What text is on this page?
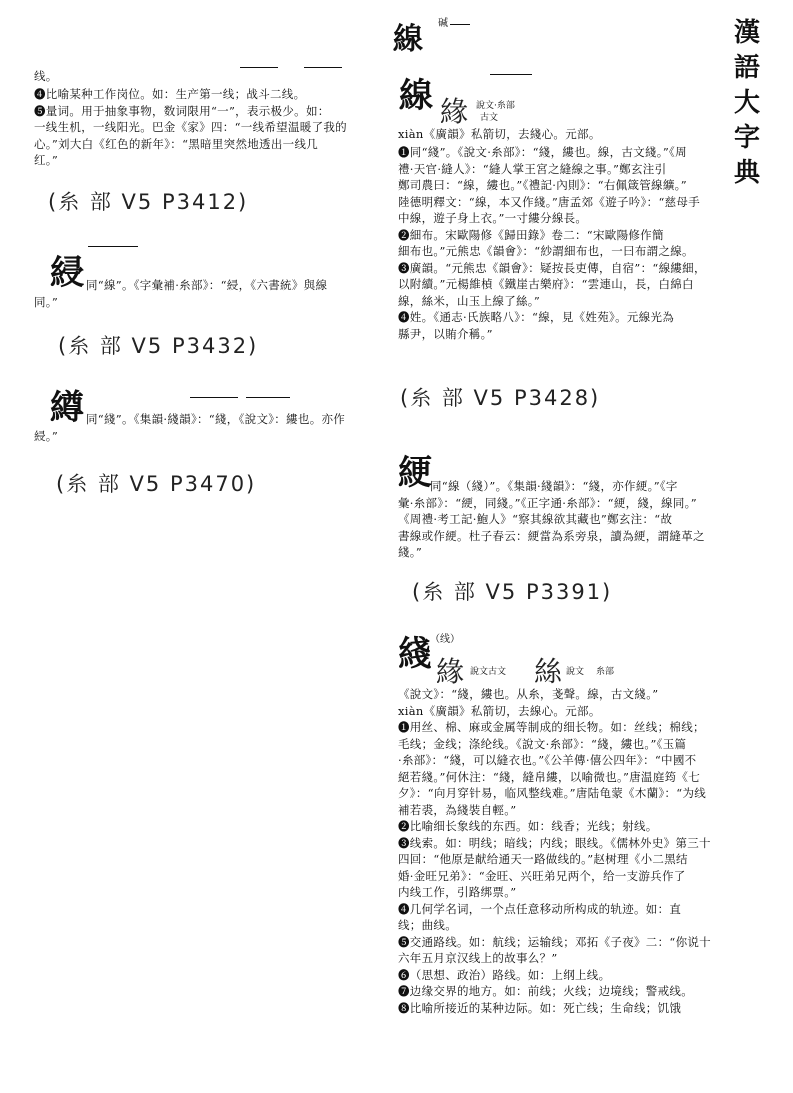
漢
語
大
字
典
線 碱
线。

❹比喻某种工作岗位。如：生产第一线；战斗二线。

❺量词。用于抽象事物，数词限用“一”，表示极少。如：

一线生机，一线阳光。巴金《家》四：“一线希望温暖了我的

心。”刘大白《红色的新年》：“黑暗里突然地透出一线几

红。”

(糸 部 V5 P3412)
綅 同“線”。《字彙補·糸部》：“綅，《六書統》與線

同。”

(糸 部 V5 P3432)
繜 同“綫”。《集韻·綫韻》：“綫，《說文》：縷也。亦作

綅。”

(糸 部 V5 P3470)
線 緣 說文·糸部
古文
xiàn《廣韻》私箭切，去綫心。元部。

❶同“綫”。《說文·糸部》：“綫，縷也。線，古文綫。”《周

禮·天官·縫人》：“縫人掌王宮之縫線之事。”鄭玄注引

鄭司農曰：“線，縷也。”《禮記·內則》：“右佩箴管線纊。”

陸德明釋文：“線，本又作綫。”唐孟郊《遊子吟》：“慈母手

中線，遊子身上衣。”一寸縷分線長。

❷細布。宋歐陽修《歸田錄》卷二：“宋歐陽修作簡

細布也。”元熊忠《韻會》：“紗謂細布也，一曰布謂之線。

❸廣韻。“元熊忠《韻會》：疑按長吏傳，自宿”：“線縷細，

以附續。”元楊維楨《鐵崖古樂府》：“雲連山，長，白綿白

線，絲米，山玉上線了絲。”

❹姓。《通志·氏族略八》：“線，見《姓苑》。元線光為

縣尹，以賄介稱。”

(糸 部 V5 P3428)
綆

同“線（綫）”。《集韻·綫韻》：“綫，亦作綆。”《字

彙·糸部》：“綆，同綫。”《正字通·糸部》：“綆，綫，線同。”

《周禮·考工記·鮑人》“察其線欲其藏也”鄭玄注：“故

書線或作綆。杜子春云：綆當為系旁泉，讀為綆，謂縫革之

綫。”

(糸 部 V5 P3391)
綫
（线）
緣 說文古文 絲 說文 糸部

《說文》：“綫，縷也。从糸，戔聲。線，古文綫。”

xiàn《廣韻》私箭切，去線心。元部。

❶用丝、棉、麻或金属等制成的细长物。如：丝线；棉线；

毛线；金线；涤纶线。《說文·糸部》：“綫，縷也。”《玉篇

·糸部》：“綫，可以縫衣也。”《公羊傳·僖公四年》：“中國不

絕若綫。”何休注：“綫，縫帛縷，以喻微也。”唐温庭筠《七

夕》：“向月穿针易，临风整线难。”唐陆龟蒙《木蘭》：“为线

補若裘，為綫裝自輕。”

❷比喻细长象线的东西。如：线香；光线；射线。

❸线索。如：明线；暗线；内线；眼线。《儒林外史》第三十

四回：“他原是献给通天一路做线的。”赵树理《小二黑结

婚·金旺兄弟》：“金旺、兴旺弟兄两个，给一支游兵作了

内线工作，引路绑票。”

❹几何学名词，一个点任意移动所构成的轨迹。如：直

线；曲线。

❺交通路线。如：航线；运输线；邓拓《子夜》二：“你说十

六年五月京汉线上的故事么？”

❻（思想、政治）路线。如：上纲上线。

❼边缘交界的地方。如：前线；火线；边境线；警戒线。

❽比喻所接近的某种边际。如：死亡线；生命线；饥饿
